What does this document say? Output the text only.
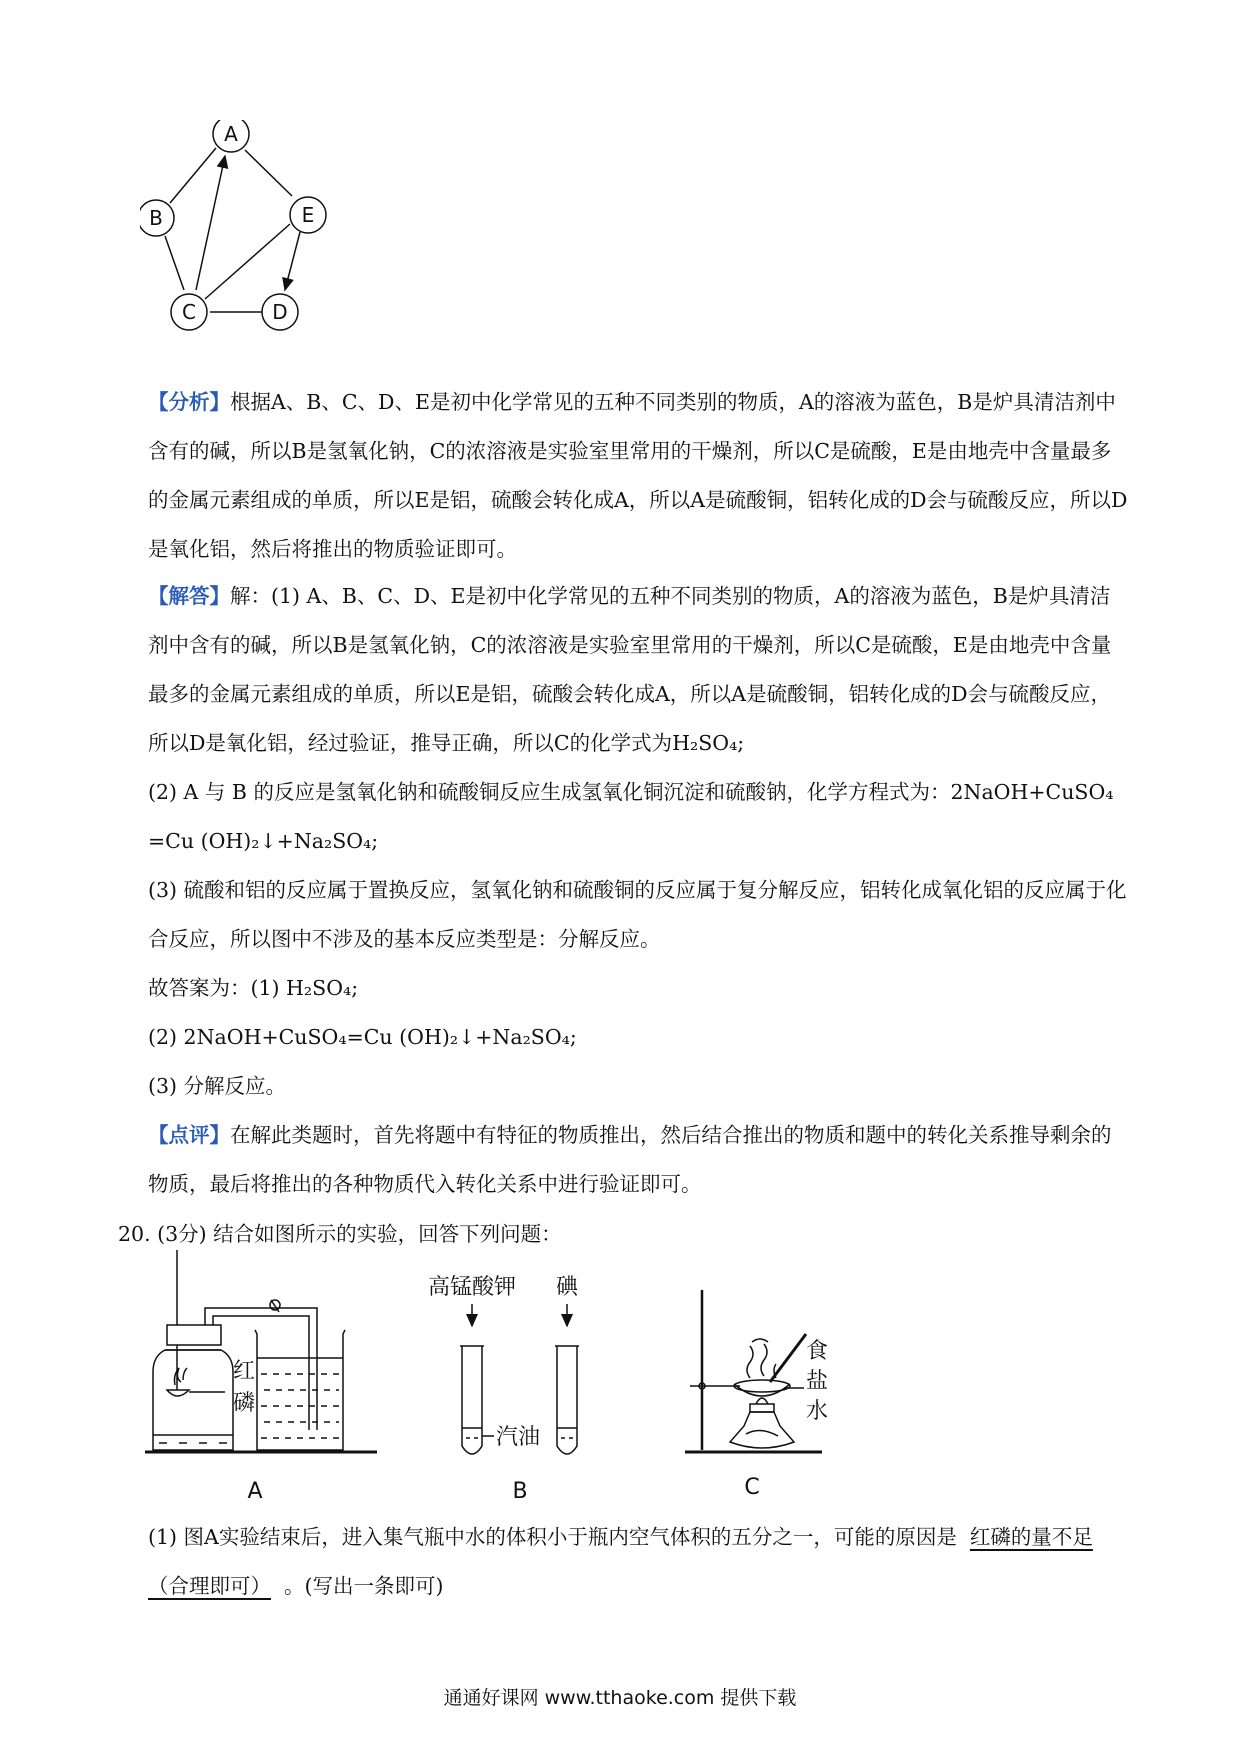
A
B	E
C	D

【分析】根据A、B、C、D、E是初中化学常见的五种不同类别的物质，A的溶液为蓝色，B是炉具清洁剂中含有的碱，所以B是氢氧化钠，C的浓溶液是实验室里常用的干燥剂，所以C是硫酸，E是由地壳中含量最多的金属元素组成的单质，所以E是铝，硫酸会转化成A，所以A是硫酸铜，铝转化成的D会与硫酸反应，所以D是氧化铝，然后将推出的物质验证即可。

【解答】解：(1) A、B、C、D、E是初中化学常见的五种不同类别的物质，A的溶液为蓝色，B是炉具清洁剂中含有的碱，所以B是氢氧化钠，C的浓溶液是实验室里常用的干燥剂，所以C是硫酸，E是由地壳中含量最多的金属元素组成的单质，所以E是铝，硫酸会转化成A，所以A是硫酸铜，铝转化成的D会与硫酸反应，所以D是氧化铝，经过验证，推导正确，所以C的化学式为H₂SO₄;

(2) A 与 B 的反应是氢氧化钠和硫酸铜反应生成氢氧化铜沉淀和硫酸钠，化学方程式为：2NaOH+CuSO₄ =Cu (OH)₂↓+Na₂SO₄;

(3) 硫酸和铝的反应属于置换反应，氢氧化钠和硫酸铜的反应属于复分解反应，铝转化成氧化铝的反应属于化合反应，所以图中不涉及的基本反应类型是：分解反应。

故答案为：(1) H₂SO₄;

(2) 2NaOH+CuSO₄=Cu (OH)₂↓+Na₂SO₄;

(3) 分解反应。

【点评】在解此类题时，首先将题中有特征的物质推出，然后结合推出的物质和题中的转化关系推导剩余的物质，最后将推出的各种物质代入转化关系中进行验证即可。

20. (3分) 结合如图所示的实验，回答下列问题：

红
磷
A
高锰酸钾 碘
汽油
B
食
盐
水
C

(1) 图A实验结束后，进入集气瓶中水的体积小于瓶内空气体积的五分之一，可能的原因是 红磷的量不足（合理即可） 。(写出一条即可)

通通好课网 www.tthaoke.com 提供下载
